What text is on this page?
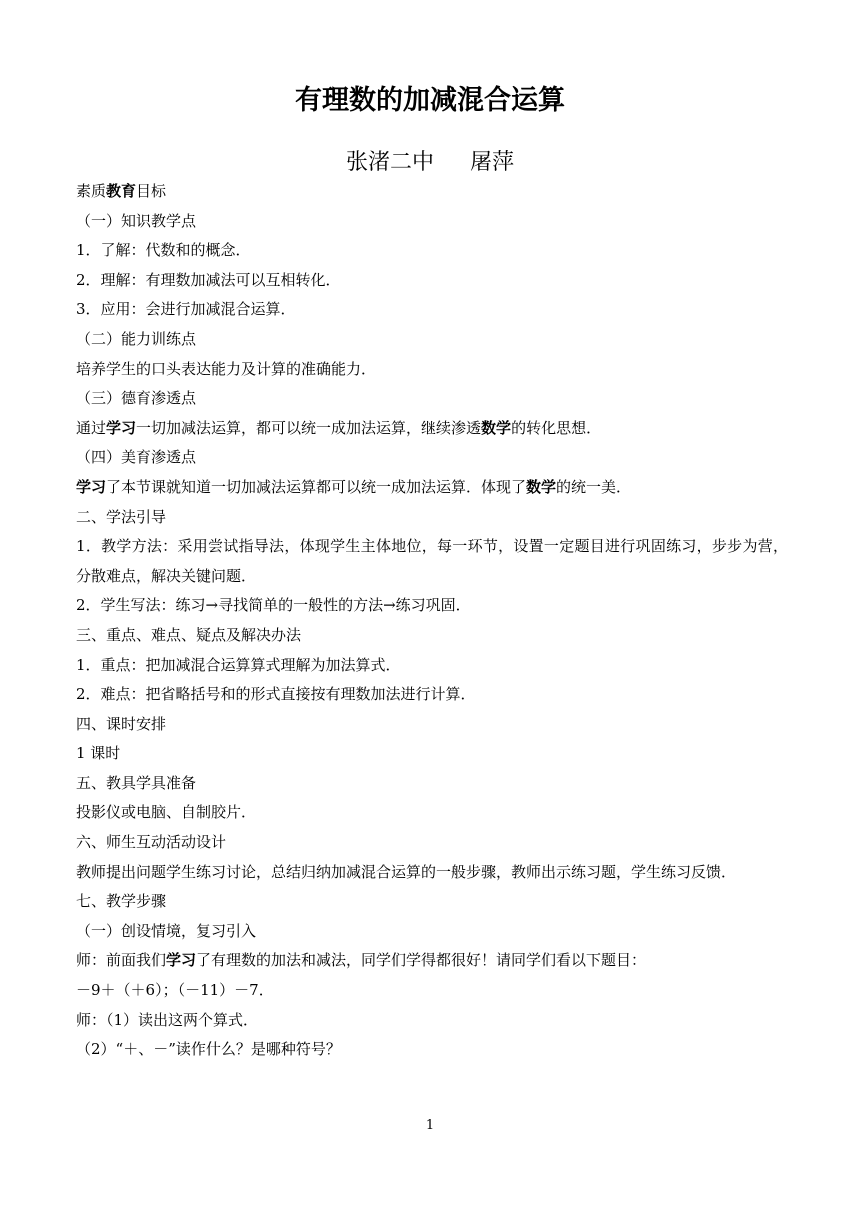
有理数的加减混合运算
张渚二中 屠萍
素质教育目标
（一）知识教学点
1．了解：代数和的概念．
2．理解：有理数加减法可以互相转化．
3．应用：会进行加减混合运算．
（二）能力训练点
培养学生的口头表达能力及计算的准确能力．
（三）德育渗透点
通过学习一切加减法运算，都可以统一成加法运算，继续渗透数学的转化思想．
（四）美育渗透点
学习了本节课就知道一切加减法运算都可以统一成加法运算．体现了数学的统一美．
二、学法引导
1．教学方法：采用尝试指导法，体现学生主体地位，每一环节，设置一定题目进行巩固练习，步步为营，分散难点，解决关键问题．
2．学生写法：练习→寻找简单的一般性的方法→练习巩固．
三、重点、难点、疑点及解决办法
1．重点：把加减混合运算算式理解为加法算式．
2．难点：把省略括号和的形式直接按有理数加法进行计算．
四、课时安排
1 课时
五、教具学具准备
投影仪或电脑、自制胶片．
六、师生互动活动设计
教师提出问题学生练习讨论，总结归纳加减混合运算的一般步骤，教师出示练习题，学生练习反馈．
七、教学步骤
（一）创设情境，复习引入
师：前面我们学习了有理数的加法和减法，同学们学得都很好！请同学们看以下题目：
－9＋（＋6）；（－11）－7．
师：（1）读出这两个算式．
（2）“＋、－”读作什么？是哪种符号？
1
